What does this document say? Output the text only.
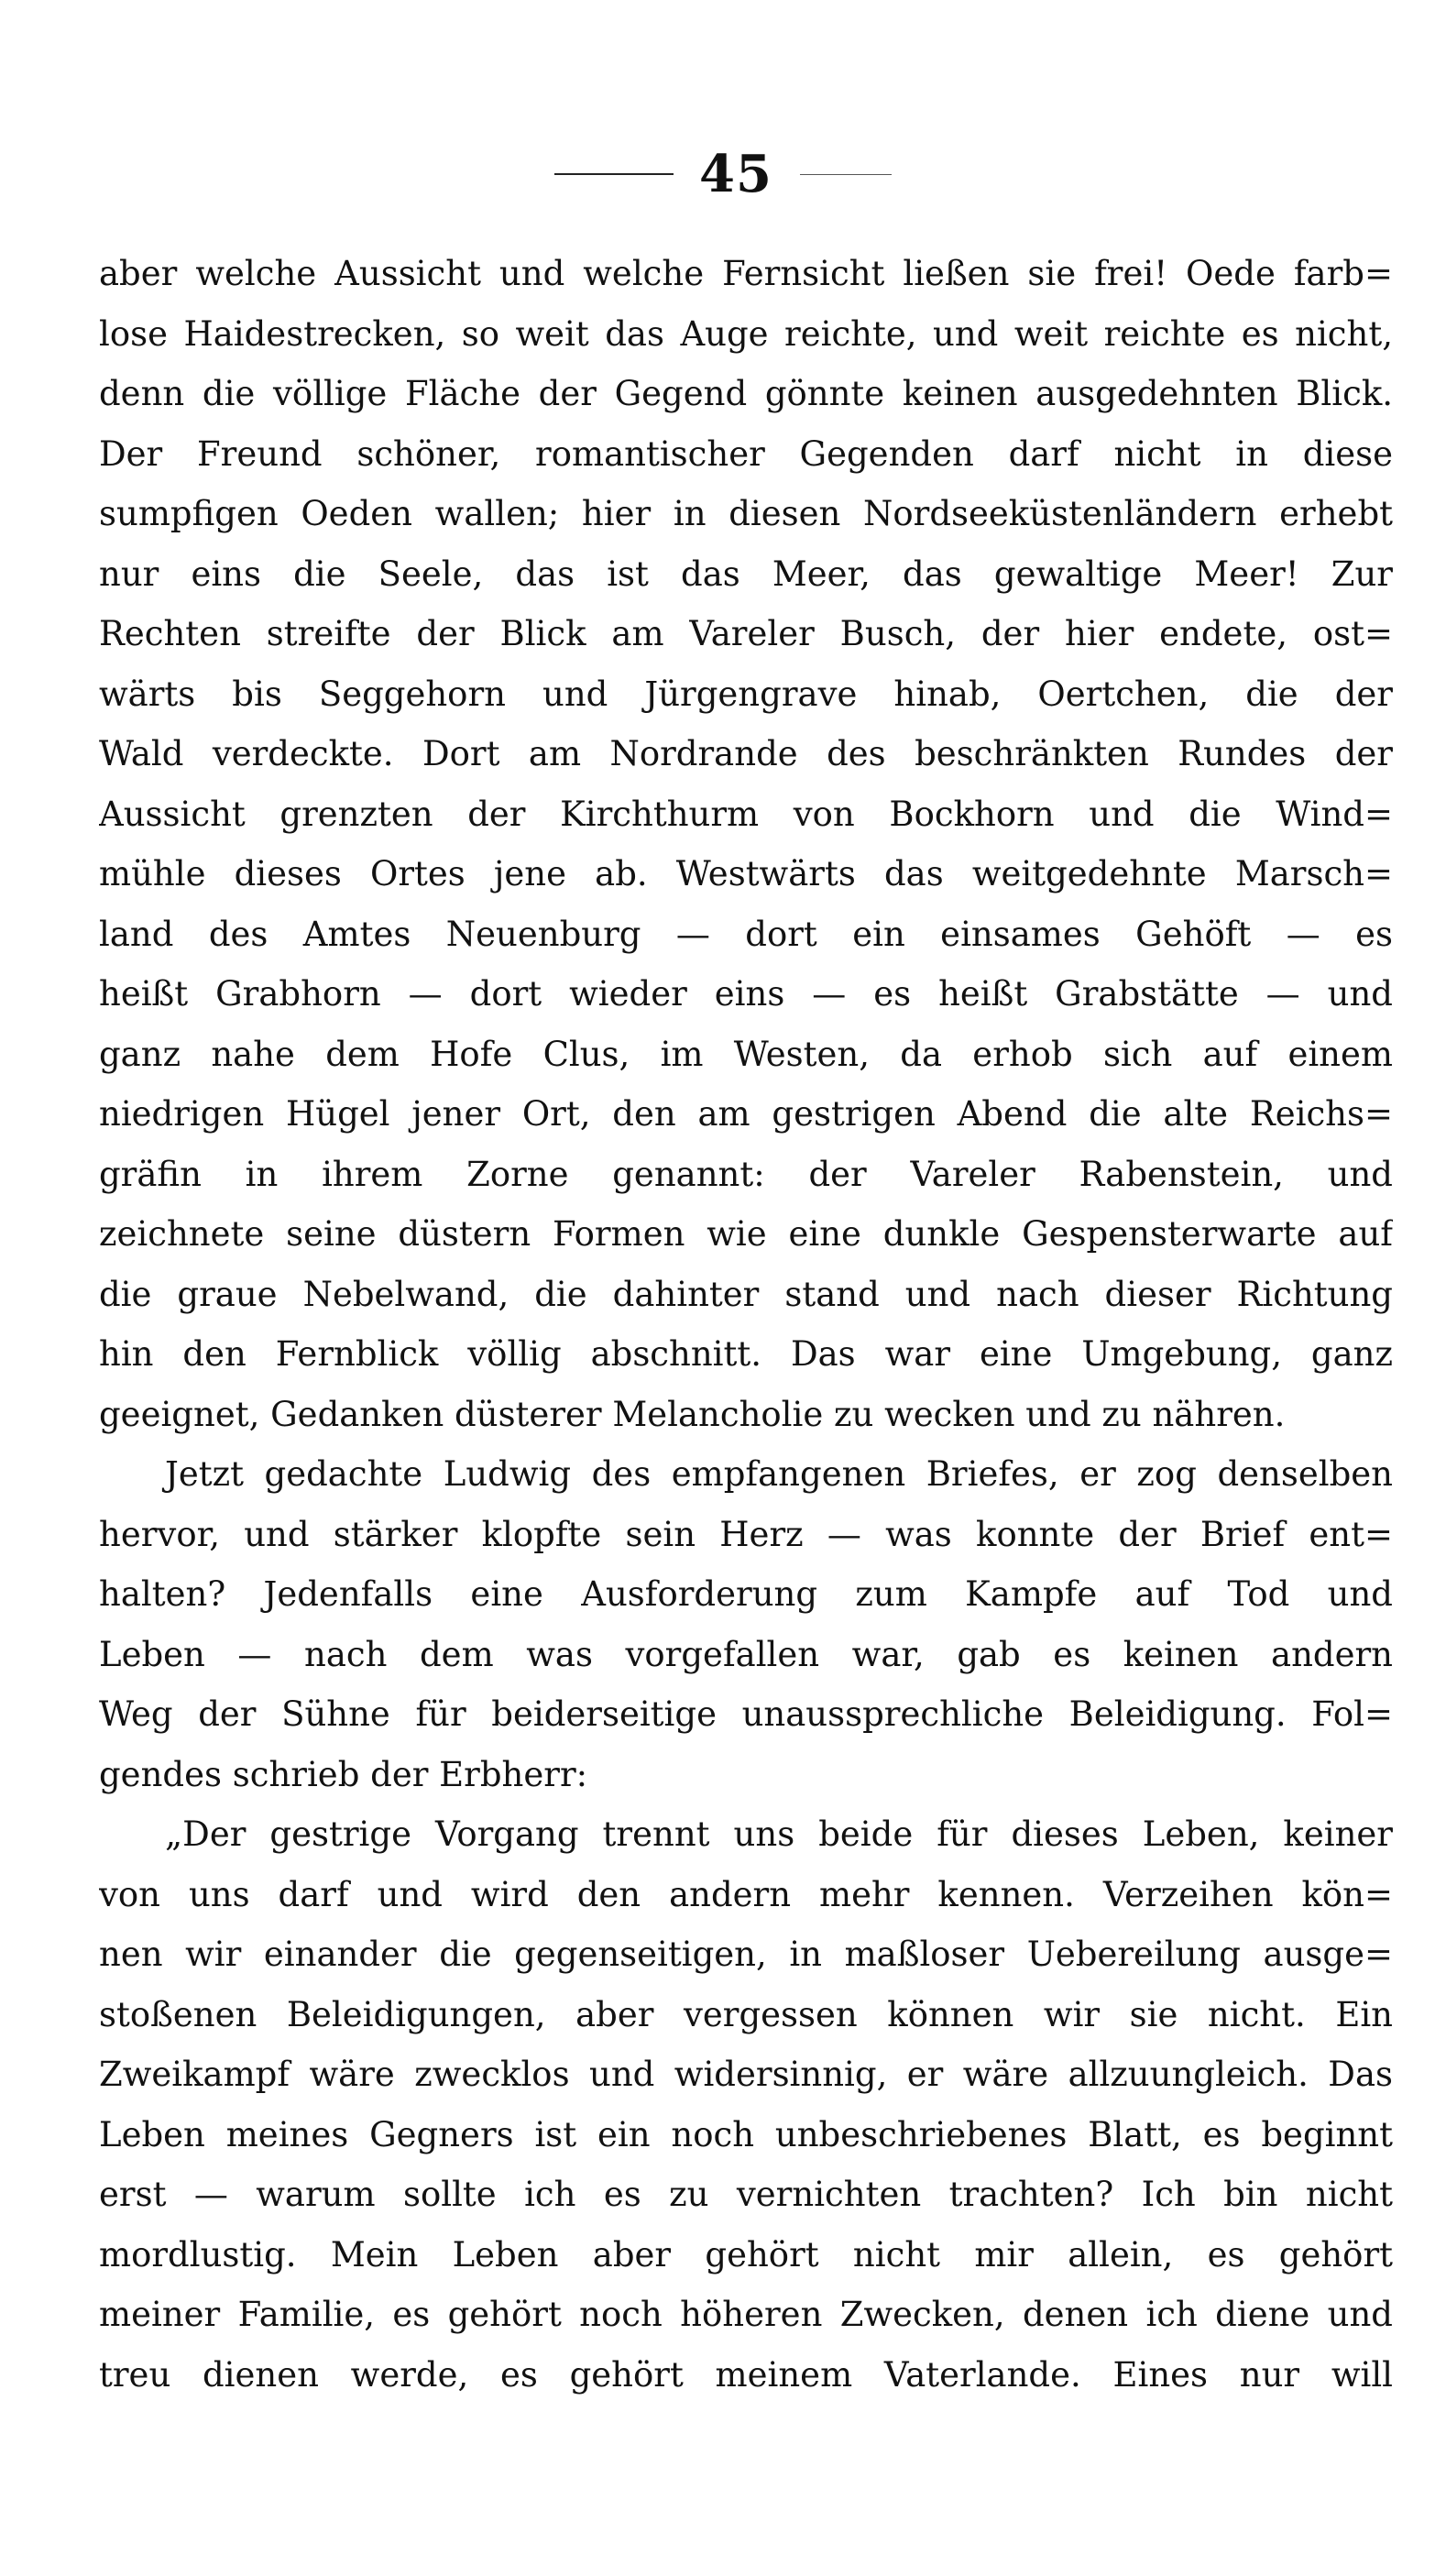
45
aber welche Aussicht und welche Fernsicht ließen sie frei! Oede farb=
lose Haidestrecken, so weit das Auge reichte, und weit reichte es nicht,
denn die völlige Fläche der Gegend gönnte keinen ausgedehnten Blick.
Der Freund schöner, romantischer Gegenden darf nicht in diese
sumpfigen Oeden wallen; hier in diesen Nordseeküstenländern erhebt
nur eins die Seele, das ist das Meer, das gewaltige Meer! Zur
Rechten streifte der Blick am Vareler Busch, der hier endete, ost=
wärts bis Seggehorn und Jürgengrave hinab, Oertchen, die der
Wald verdeckte. Dort am Nordrande des beschränkten Rundes der
Aussicht grenzten der Kirchthurm von Bockhorn und die Wind=
mühle dieses Ortes jene ab. Westwärts das weitgedehnte Marsch=
land des Amtes Neuenburg — dort ein einsames Gehöft — es
heißt Grabhorn — dort wieder eins — es heißt Grabstätte — und
ganz nahe dem Hofe Clus, im Westen, da erhob sich auf einem
niedrigen Hügel jener Ort, den am gestrigen Abend die alte Reichs=
gräfin in ihrem Zorne genannt: der Vareler Rabenstein, und
zeichnete seine düstern Formen wie eine dunkle Gespensterwarte auf
die graue Nebelwand, die dahinter stand und nach dieser Richtung
hin den Fernblick völlig abschnitt. Das war eine Umgebung, ganz
geeignet, Gedanken düsterer Melancholie zu wecken und zu nähren.
Jetzt gedachte Ludwig des empfangenen Briefes, er zog denselben
hervor, und stärker klopfte sein Herz — was konnte der Brief ent=
halten? Jedenfalls eine Ausforderung zum Kampfe auf Tod und
Leben — nach dem was vorgefallen war, gab es keinen andern
Weg der Sühne für beiderseitige unaussprechliche Beleidigung. Fol=
gendes schrieb der Erbherr:
„Der gestrige Vorgang trennt uns beide für dieses Leben, keiner
von uns darf und wird den andern mehr kennen. Verzeihen kön=
nen wir einander die gegenseitigen, in maßloser Uebereilung ausge=
stoßenen Beleidigungen, aber vergessen können wir sie nicht. Ein
Zweikampf wäre zwecklos und widersinnig, er wäre allzuungleich. Das
Leben meines Gegners ist ein noch unbeschriebenes Blatt, es beginnt
erst — warum sollte ich es zu vernichten trachten? Ich bin nicht
mordlustig. Mein Leben aber gehört nicht mir allein, es gehört
meiner Familie, es gehört noch höheren Zwecken, denen ich diene und
treu dienen werde, es gehört meinem Vaterlande. Eines nur will
